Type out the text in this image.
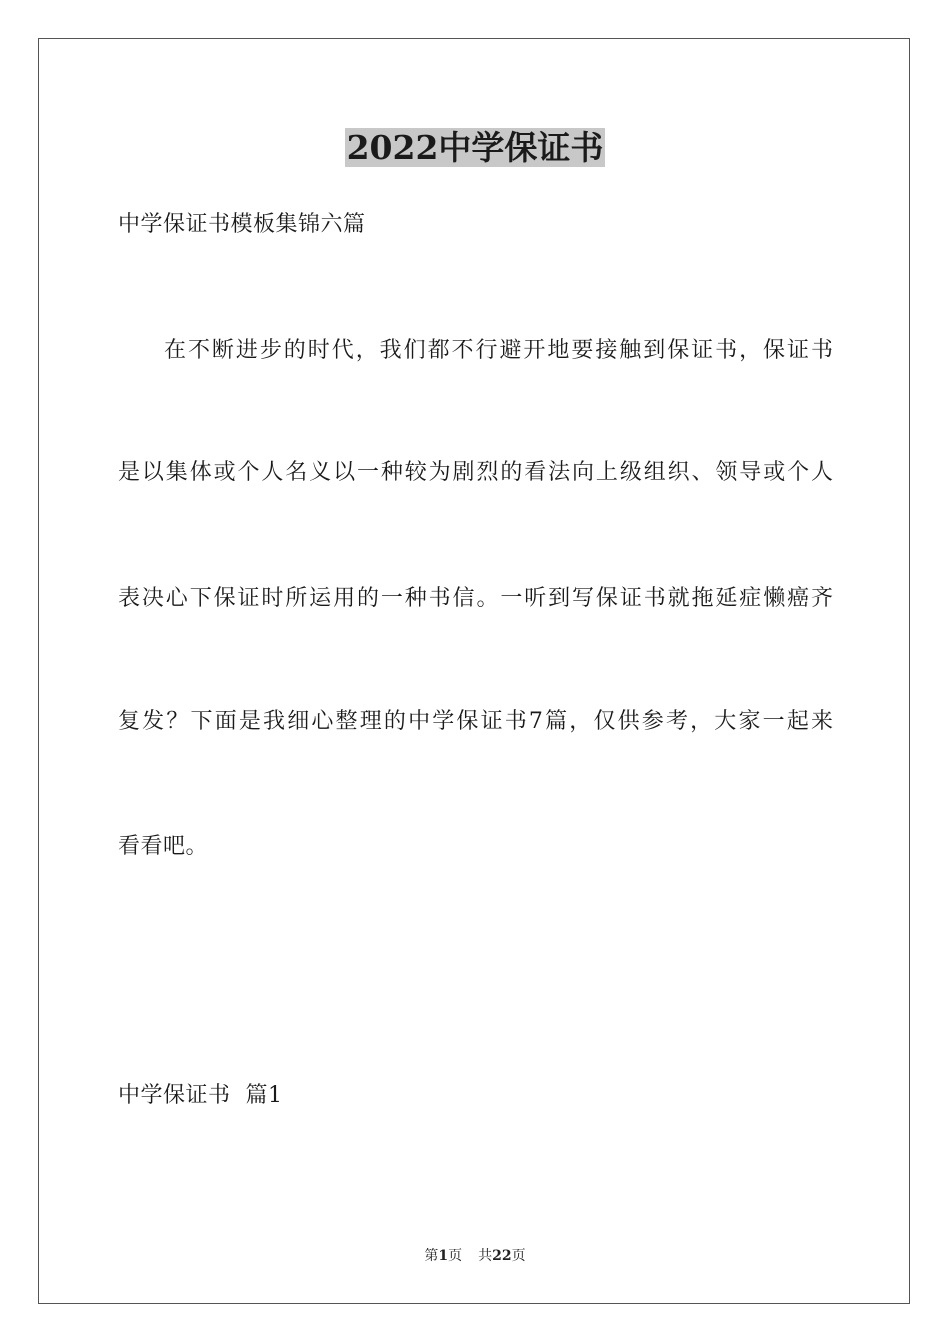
2022中学保证书

中学保证书模板集锦六篇

在不断进步的时代，我们都不行避开地要接触到保证书，保证书

是以集体或个人名义以一种较为剧烈的看法向上级组织、领导或个人

表决心下保证时所运用的一种书信。一听到写保证书就拖延症懒癌齐

复发？下面是我细心整理的中学保证书7篇，仅供参考，大家一起来

看看吧。

中学保证书  篇1

第1页 共22页
